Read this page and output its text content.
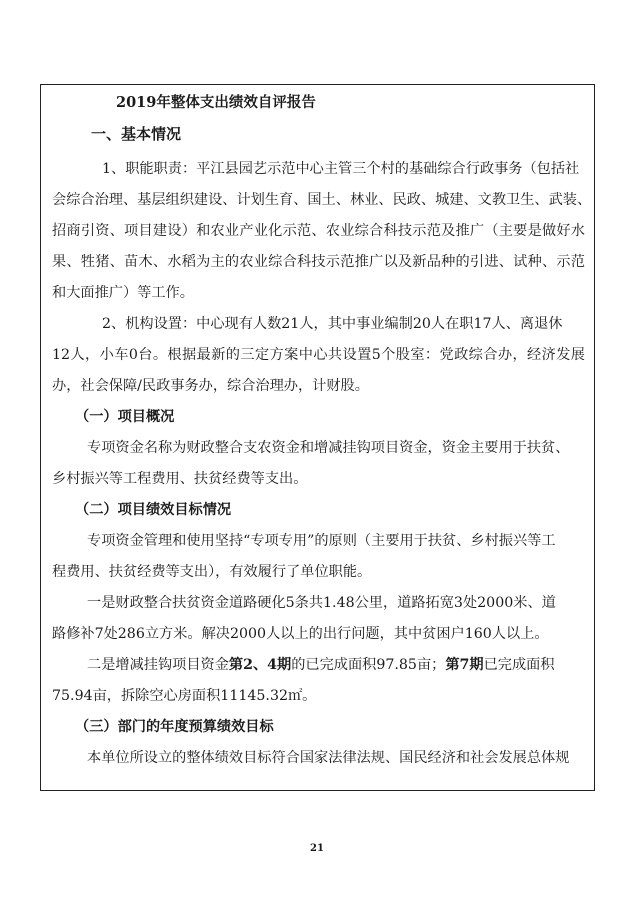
2019年整体支出绩效自评报告
一、基本情况
1、职能职责：平江县园艺示范中心主管三个村的基础综合行政事务（包括社
会综合治理、基层组织建设、计划生育、国土、林业、民政、城建、文教卫生、武装、
招商引资、项目建设）和农业产业化示范、农业综合科技示范及推广（主要是做好水
果、牲猪、苗木、水稻为主的农业综合科技示范推广以及新品种的引进、试种、示范
和大面推广）等工作。
2、机构设置：中心现有人数21人，其中事业编制20人在职17人、离退休
12人，小车0台。根据最新的三定方案中心共设置5个股室：党政综合办，经济发展
办，社会保障/民政事务办，综合治理办，计财股。
（一）项目概况
专项资金名称为财政整合支农资金和增减挂钩项目资金，资金主要用于扶贫、
乡村振兴等工程费用、扶贫经费等支出。
（二）项目绩效目标情况
专项资金管理和使用坚持“专项专用”的原则（主要用于扶贫、乡村振兴等工
程费用、扶贫经费等支出），有效履行了单位职能。
一是财政整合扶贫资金道路硬化5条共1.48公里，道路拓宽3处2000米、道
路修补7处286立方米。解决2000人以上的出行问题，其中贫困户160人以上。
二是增减挂钩项目资金第2、4期的已完成面积97.85亩；第7期已完成面积
75.94亩，拆除空心房面积11145.32㎡。
（三）部门的年度预算绩效目标
本单位所设立的整体绩效目标符合国家法律法规、国民经济和社会发展总体规
21
